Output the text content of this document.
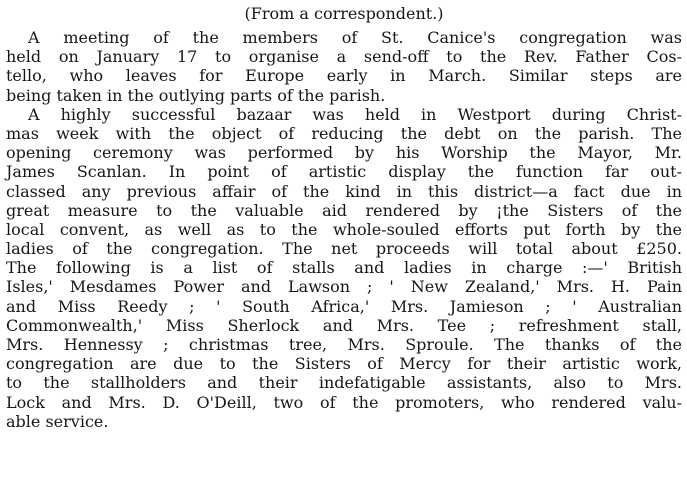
(From a correspondent.)
A meeting of the members of St. Canice's congregation was
held on January 17 to organise a send-off to the Rev. Father Cos-
tello, who leaves for Europe early in March. Similar steps are
being taken in the outlying parts of the parish.
A highly successful bazaar was held in Westport during Christ-
mas week with the object of reducing the debt on the parish. The
opening ceremony was performed by his Worship the Mayor, Mr.
James Scanlan. In point of artistic display the function far out-
classed any previous affair of the kind in this district—a fact due in
great measure to the valuable aid rendered by ¡the Sisters of the
local convent, as well as to the whole-souled efforts put forth by the
ladies of the congregation. The net proceeds will total about £250.
The following is a list of stalls and ladies in charge :—' British
Isles,' Mesdames Power and Lawson ; ' New Zealand,' Mrs. H. Pain
and Miss Reedy ; ' South Africa,' Mrs. Jamieson ; ' Australian
Commonwealth,' Miss Sherlock and Mrs. Tee ; refreshment stall,
Mrs. Hennessy ; christmas tree, Mrs. Sproule. The thanks of the
congregation are due to the Sisters of Mercy for their artistic work,
to the stallholders and their indefatigable assistants, also to Mrs.
Lock and Mrs. D. O'Deill, two of the promoters, who rendered valu-
able service.
